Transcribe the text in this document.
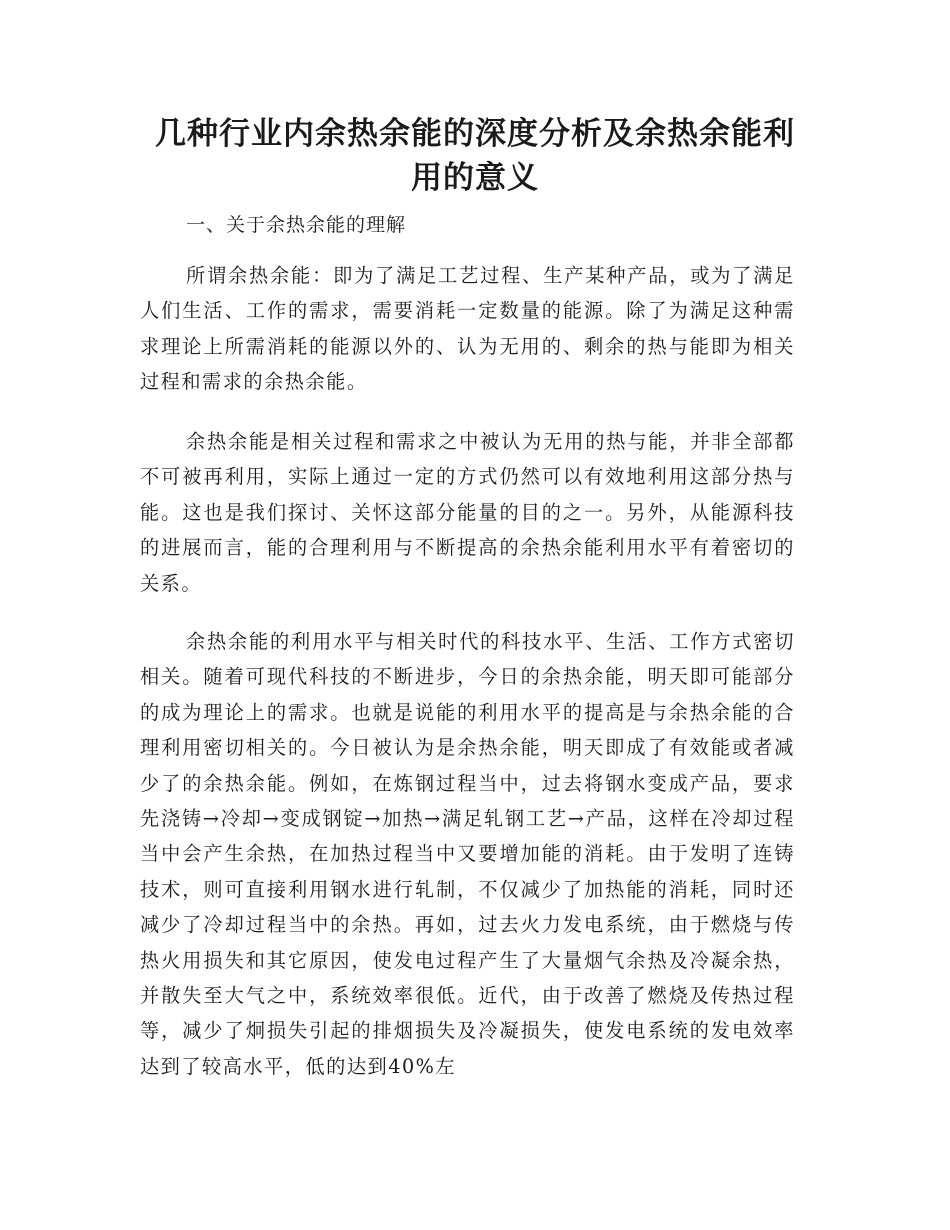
几种行业内余热余能的深度分析及余热余能利用的意义
一、关于余热余能的理解

所谓余热余能：即为了满足工艺过程、生产某种产品，或为了满足人们生活、工作的需求，需要消耗一定数量的能源。除了为满足这种需求理论上所需消耗的能源以外的、认为无用的、剩余的热与能即为相关过程和需求的余热余能。

余热余能是相关过程和需求之中被认为无用的热与能，并非全部都不可被再利用，实际上通过一定的方式仍然可以有效地利用这部分热与能。这也是我们探讨、关怀这部分能量的目的之一。另外，从能源科技的进展而言，能的合理利用与不断提高的余热余能利用水平有着密切的关系。

余热余能的利用水平与相关时代的科技水平、生活、工作方式密切相关。随着可现代科技的不断进步，今日的余热余能，明天即可能部分的成为理论上的需求。也就是说能的利用水平的提高是与余热余能的合理利用密切相关的。今日被认为是余热余能，明天即成了有效能或者减少了的余热余能。例如，在炼钢过程当中，过去将钢水变成产品，要求先浇铸→冷却→变成钢锭→加热→满足轧钢工艺→产品，这样在冷却过程当中会产生余热，在加热过程当中又要增加能的消耗。由于发明了连铸技术，则可直接利用钢水进行轧制，不仅减少了加热能的消耗，同时还减少了冷却过程当中的余热。再如，过去火力发电系统，由于燃烧与传热火用损失和其它原因，使发电过程产生了大量烟气余热及冷凝余热，并散失至大气之中，系统效率很低。近代，由于改善了燃烧及传热过程等，减少了炯损失引起的排烟损失及冷凝损失，使发电系统的发电效率达到了较高水平，低的达到40%左
